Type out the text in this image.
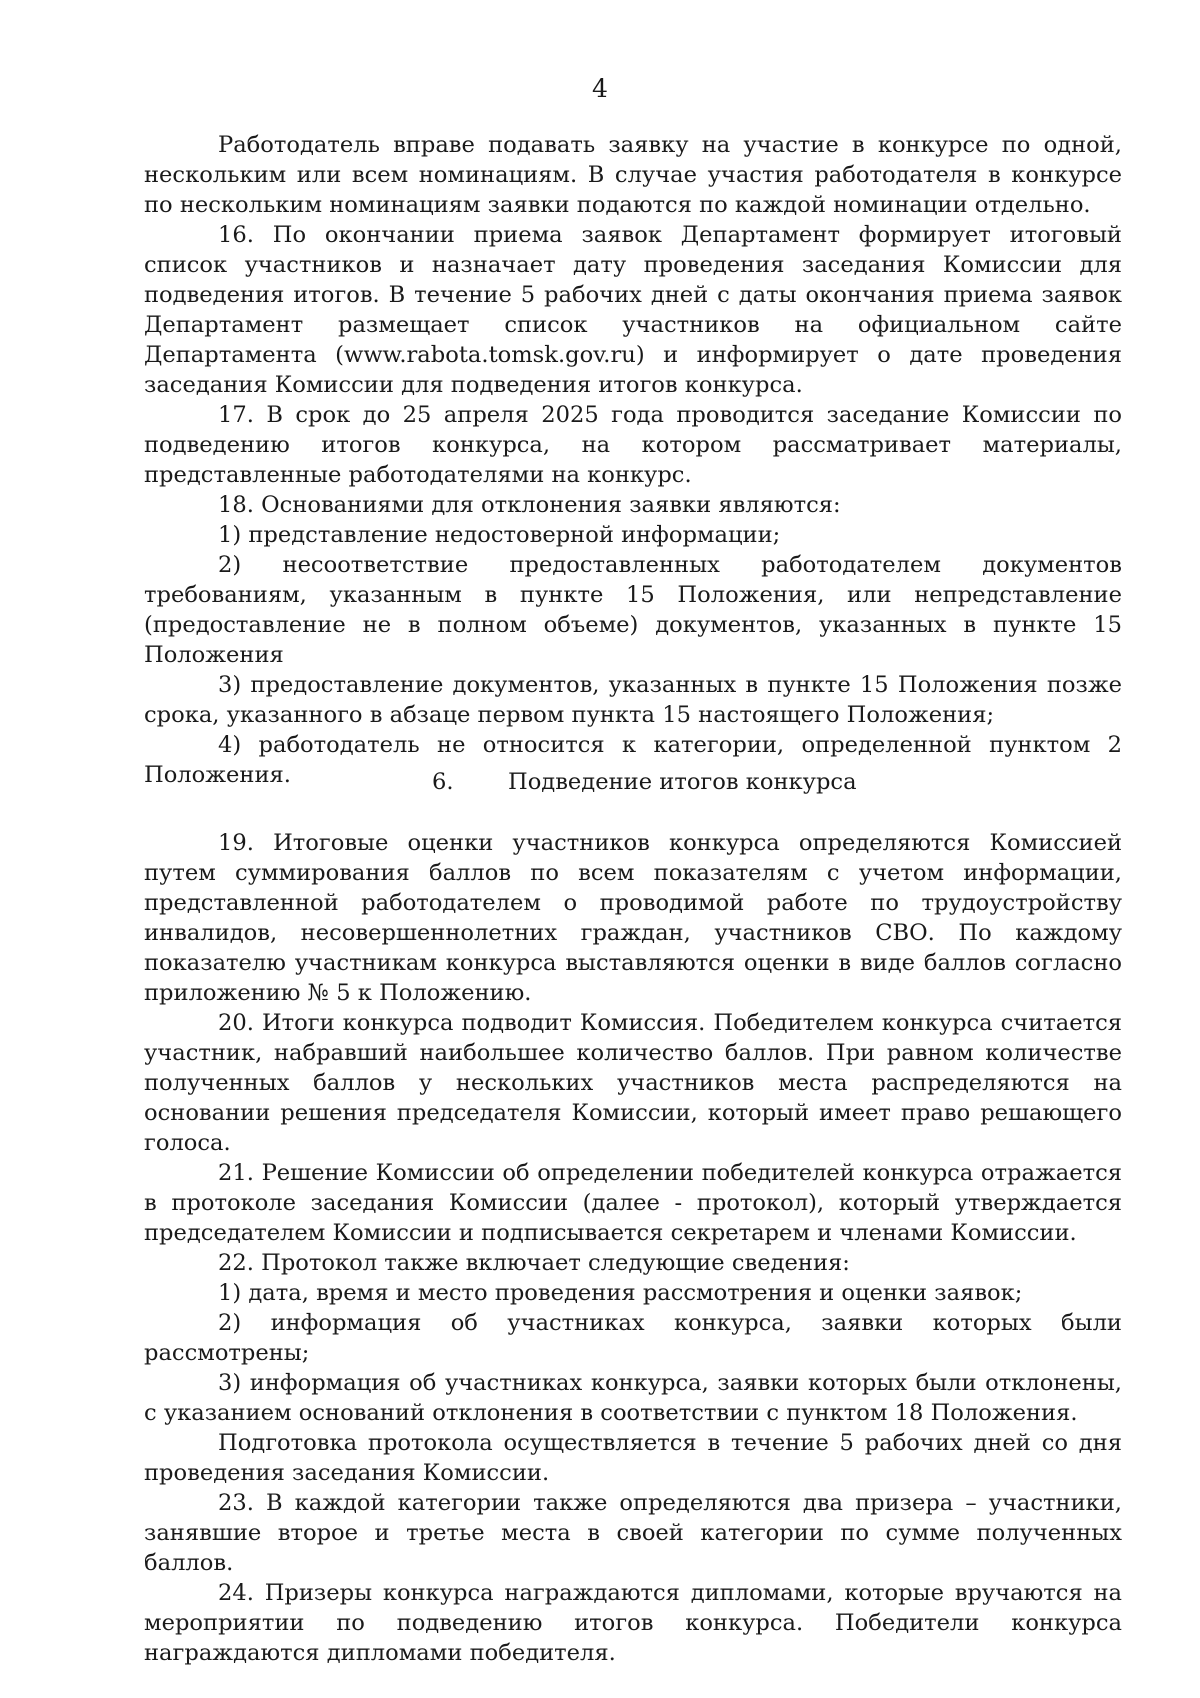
4

Работодатель вправе подавать заявку на участие в конкурсе по одной, нескольким или всем номинациям. В случае участия работодателя в конкурсе по нескольким номинациям заявки подаются по каждой номинации отдельно.

16. По окончании приема заявок Департамент формирует итоговый список участников и назначает дату проведения заседания Комиссии для подведения итогов. В течение 5 рабочих дней с даты окончания приема заявок Департамент размещает список участников на официальном сайте Департамента (www.rabota.tomsk.gov.ru) и информирует о дате проведения заседания Комиссии для подведения итогов конкурса.

17. В срок до 25 апреля 2025 года проводится заседание Комиссии по подведению итогов конкурса, на котором рассматривает материалы, представленные работодателями на конкурс.

18. Основаниями для отклонения заявки являются:

1) представление недостоверной информации;

2) несоответствие предоставленных работодателем документов требованиям, указанным в пункте 15 Положения, или непредставление (предоставление не в полном объеме) документов, указанных в пункте 15 Положения

3) предоставление документов, указанных в пункте 15 Положения позже срока, указанного в абзаце первом пункта 15 настоящего Положения;

4) работодатель не относится к категории, определенной пунктом 2 Положения.	6. Подведение итогов конкурса

19. Итоговые оценки участников конкурса определяются Комиссией путем суммирования баллов по всем показателям с учетом информации, представленной работодателем о проводимой работе по трудоустройству инвалидов, несовершеннолетних граждан, участников СВО. По каждому показателю участникам конкурса выставляются оценки в виде баллов согласно приложению № 5 к Положению.

20. Итоги конкурса подводит Комиссия. Победителем конкурса считается участник, набравший наибольшее количество баллов. При равном количестве полученных баллов у нескольких участников места распределяются на основании решения председателя Комиссии, который имеет право решающего голоса.

21. Решение Комиссии об определении победителей конкурса отражается в протоколе заседания Комиссии (далее - протокол), который утверждается председателем Комиссии и подписывается секретарем и членами Комиссии.

22. Протокол также включает следующие сведения:

1) дата, время и место проведения рассмотрения и оценки заявок;

2) информация об участниках конкурса, заявки которых были рассмотрены;

3) информация об участниках конкурса, заявки которых были отклонены, с указанием оснований отклонения в соответствии с пунктом 18 Положения.

Подготовка протокола осуществляется в течение 5 рабочих дней со дня проведения заседания Комиссии.

23. В каждой категории также определяются два призера – участники, занявшие второе и третье места в своей категории по сумме полученных баллов.

24. Призеры конкурса награждаются дипломами, которые вручаются на мероприятии по подведению итогов конкурса. Победители конкурса награждаются дипломами победителя.
